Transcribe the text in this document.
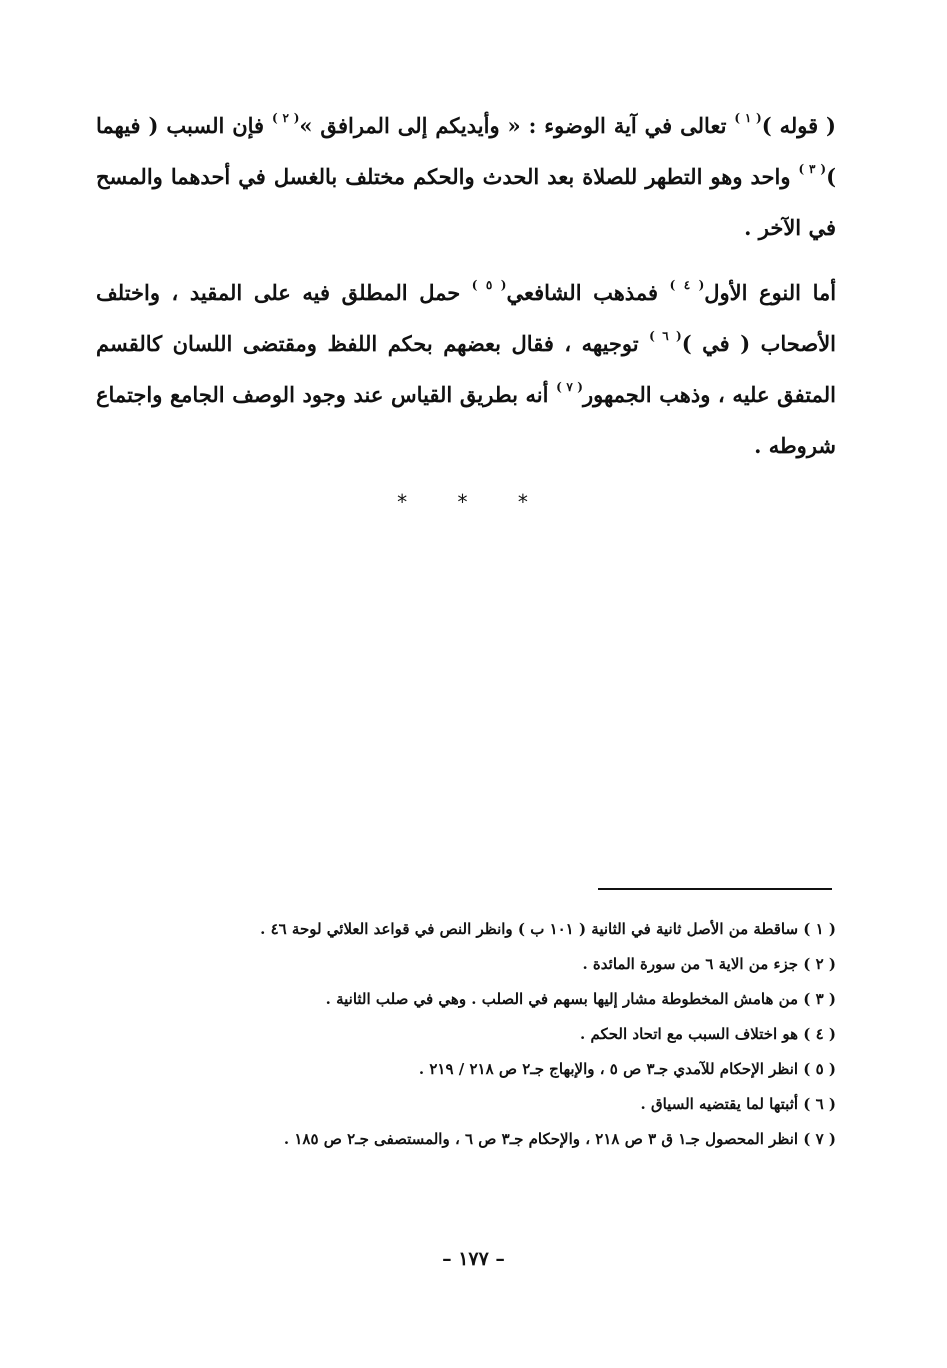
( قوله )$^{( ١ )}$ تعالى في آية الوضوء : « وأيديكم إلى المرافق »$^{( ٢ )}$ فإن السبب ( فيهما )$^{( ٣ )}$ واحد وهو التطهر للصلاة بعد الحدث والحكم مختلف بالغسل في أحدهما والمسح في الآخر .
أما النوع الأول$^{( ٤ )}$ فمذهب الشافعي$^{( ٥ )}$ حمل المطلق فيه على المقيد ، واختلف الأصحاب ( في )$^{( ٦ )}$ توجيهه ، فقال بعضهم بحكم اللفظ ومقتضى اللسان كالقسم المتفق عليه ، وذهب الجمهور$^{( ٧ )}$ أنه بطريق القياس عند وجود الوصف الجامع واجتماع شروطه .
* * *
( ١ ) ساقطة من الأصل ثانية في الثانية ( ١٠١ ب ) وانظر النص في قواعد العلائي لوحة ٤٦ .
( ٢ ) جزء من الاية ٦ من سورة المائدة .
( ٣ ) من هامش المخطوطة مشار إليها بسهم في الصلب . وهي في صلب الثانية .
( ٤ ) هو اختلاف السبب مع اتحاد الحكم .
( ٥ ) انظر الإحكام للآمدي جـ٣ ص ٥ ، والإبهاج جـ٢ ص ٢١٨ / ٢١٩ .
( ٦ ) أثبتها لما يقتضيه السياق .
( ٧ ) انظر المحصول جـ١ ق ٣ ص ٢١٨ ، والإحكام جـ٣ ص ٦ ، والمستصفى جـ٢ ص ١٨٥ .
– ١٧٧ –
